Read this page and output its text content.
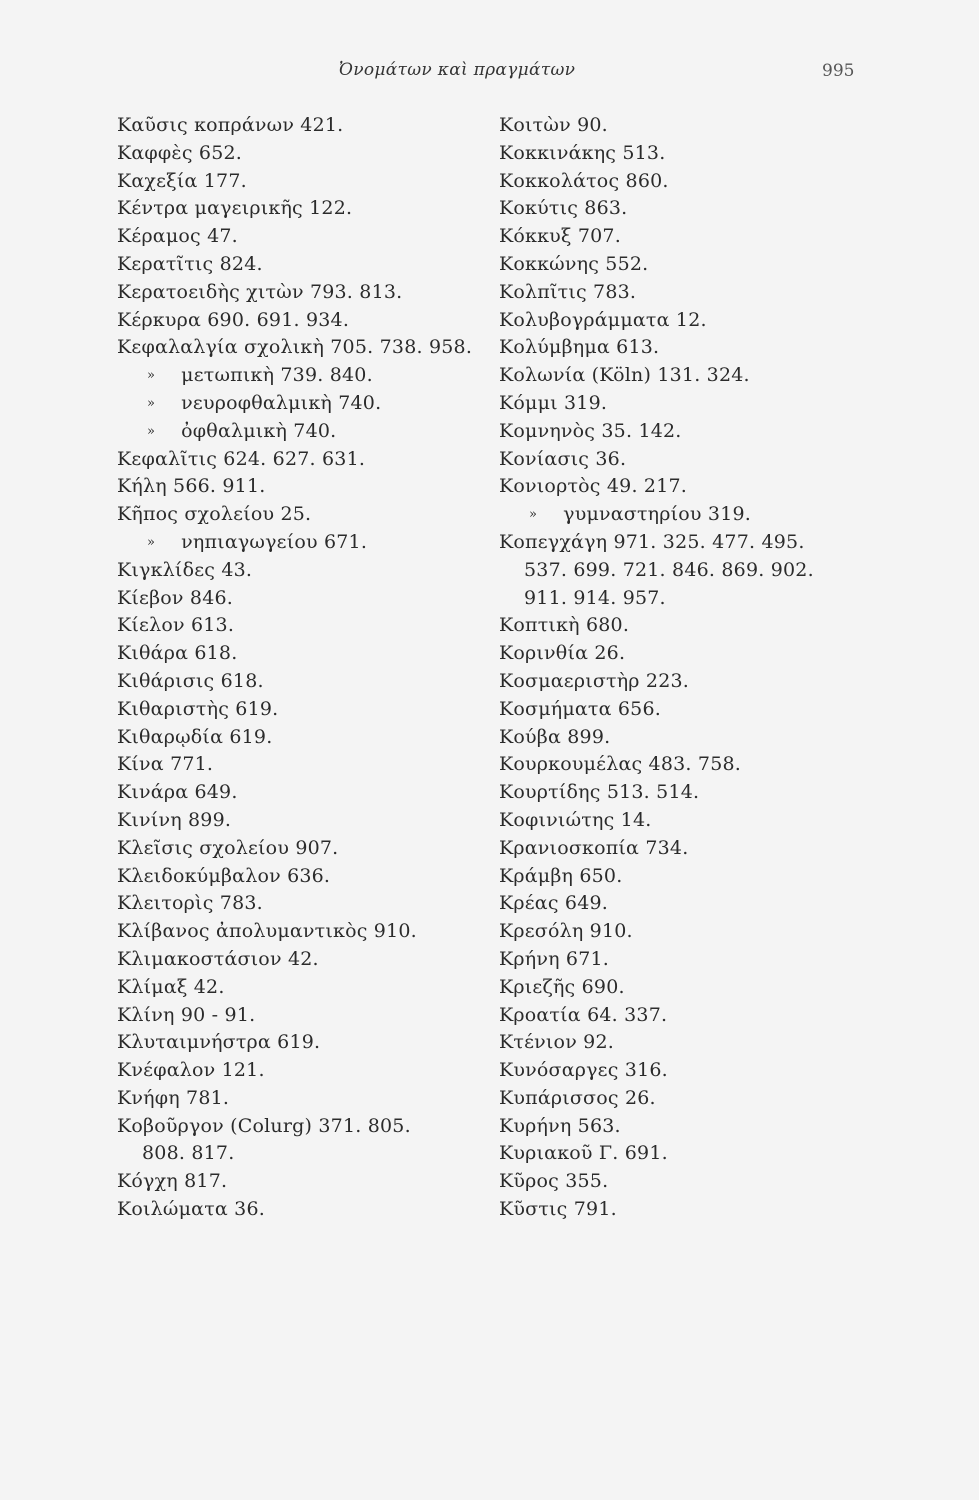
Ὀνομάτων καὶ πραγμάτων	995
Καῦσις κοπράνων 421.
Καφφὲς 652.
Καχεξία 177.
Κέντρα μαγειρικῆς 122.
Κέραμος 47.
Κερατῖτις 824.
Κερατοειδὴς χιτὼν 793. 813.
Κέρκυρα 690. 691. 934.
Κεφαλαλγία σχολικὴ 705. 738. 958.
» μετωπικὴ 739. 840.
» νευροφθαλμικὴ 740.
» ὀφθαλμικὴ 740.
Κεφαλῖτις 624. 627. 631.
Κήλη 566. 911.
Κῆπος σχολείου 25.
» νηπιαγωγείου 671.
Κιγκλίδες 43.
Κίεβον 846.
Κίελον 613.
Κιθάρα 618.
Κιθάρισις 618.
Κιθαριστὴς 619.
Κιθαρῳδία 619.
Κίνα 771.
Κινάρα 649.
Κινίνη 899.
Κλεῖσις σχολείου 907.
Κλειδοκύμβαλον 636.
Κλειτορὶς 783.
Κλίβανος ἀπολυμαντικὸς 910.
Κλιμακοστάσιον 42.
Κλίμαξ 42.
Κλίνη 90 - 91.
Κλυταιμνήστρα 619.
Κνέφαλον 121.
Κνήφη 781.
Κοβοῦργον (Colurg) 371. 805.
808. 817.
Κόγχη 817.
Κοιλώματα 36.
Κοιτὼν 90.
Κοκκινάκης 513.
Κοκκολάτος 860.
Κοκύτις 863.
Κόκκυξ 707.
Κοκκώνης 552.
Κολπῖτις 783.
Κολυβογράμματα 12.
Κολύμβημα 613.
Κολωνία (Köln) 131. 324.
Κόμμι 319.
Κομνηνὸς 35. 142.
Κονίασις 36.
Κονιορτὸς 49. 217.
» γυμναστηρίου 319.
Κοπεγχάγη 971. 325. 477. 495.
537. 699. 721. 846. 869. 902.
911. 914. 957.
Κοπτικὴ 680.
Κορινθία 26.
Κοσμαεριστὴρ 223.
Κοσμήματα 656.
Κούβα 899.
Κουρκουμέλας 483. 758.
Κουρτίδης 513. 514.
Κοφινιώτης 14.
Κρανιοσκοπία 734.
Κράμβη 650.
Κρέας 649.
Κρεσόλη 910.
Κρήνη 671.
Κριεζῆς 690.
Κροατία 64. 337.
Κτένιον 92.
Κυνόσαργες 316.
Κυπάρισσος 26.
Κυρήνη 563.
Κυριακοῦ Γ. 691.
Κῦρος 355.
Κῦστις 791.
